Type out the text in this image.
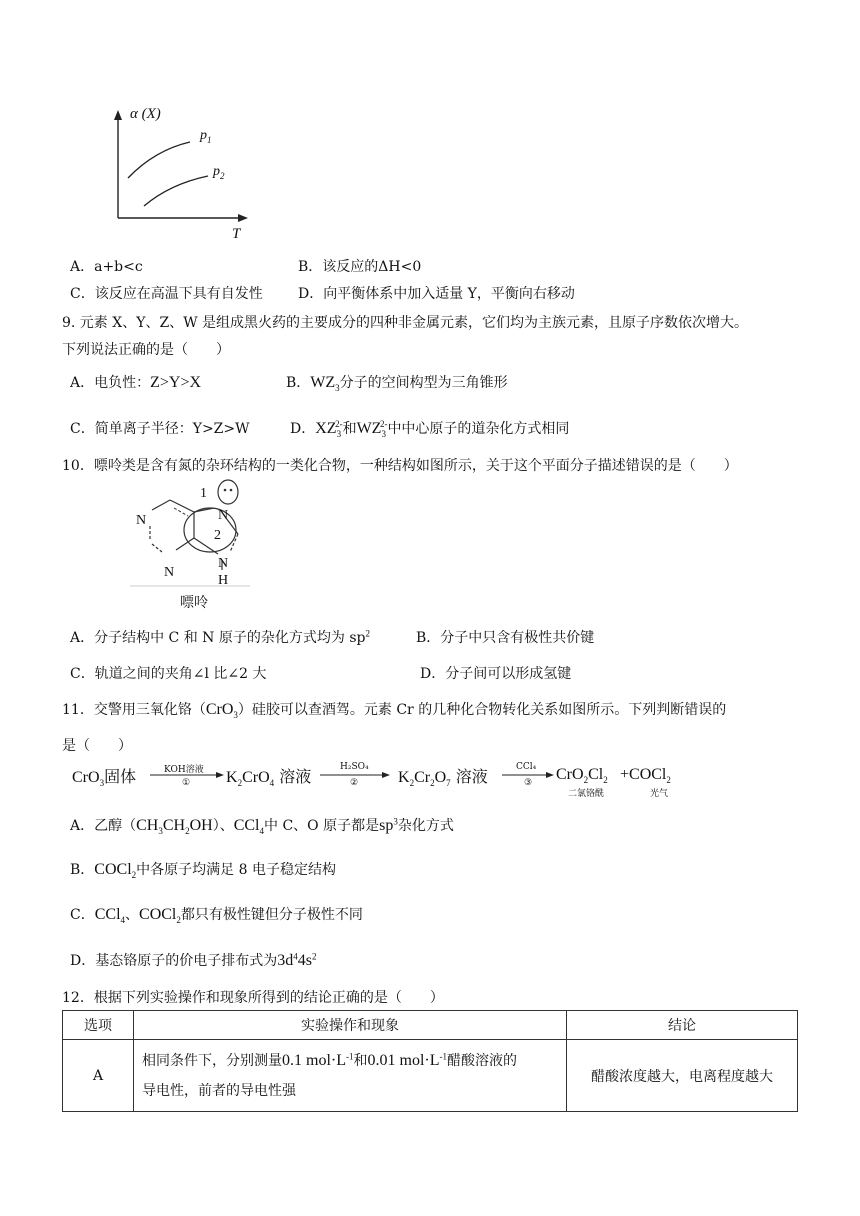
α (X)
T
$p_1$
$p_2$
A．a+b<c	B．该反应的ΔH<0
C．该反应在高温下具有自发性	D．向平衡体系中加入适量 Y，平衡向右移动
9. 元素 X、Y、Z、W 是组成黑火药的主要成分的四种非金属元素，它们均为主族元素，且原子序数依次增大。
下列说法正确的是（　　）
A．电负性：Z>Y>X	B．$WZ_3$分子的空间构型为三角锥形
C．简单离子半径：Y>Z>W	D．$XZ_3^{2-}$和$WZ_3^{2-}$中中心原子的道杂化方式相同
10．嘌呤类是含有氮的杂环结构的一类化合物，一种结构如图所示，关于这个平面分子描述错误的是（　　）
N
N
N
N
H
1
2
嘌呤
A．分子结构中 C 和 N 原子的杂化方式均为 $sp^2$	B．分子中只含有极性共价键
C．轨道之间的夹角∠l 比∠2 大	D．分子间可以形成氢键
11．交警用三氧化铬（CrO$_3$）硅胶可以查酒驾。元素 Cr 的几种化合物转化关系如图所示。下列判断错误的
是（　　）
CrO$_3$固体	KOH溶液
① $K_2CrO_4$ 溶液	H₂SO₄
② $K_2Cr_2O_7$ 溶液	CCl₄
③ $CrO_2Cl_2$
二氯铬酰
+COCl$_2$
光气
A．乙醇$(CH_3CH_2OH)$、CCl$_4$中 C、O 原子都是$sp^3$杂化方式
B．COCl$_2$中各原子均满足 8 电子稳定结构
C．CCl$_4$、COCl$_2$都只有极性键但分子极性不同
D．基态铬原子的价电子排布式为$3d^44s^2$
12．根据下列实验操作和现象所得到的结论正确的是（　　）
选项	实验操作和现象	结论
A	相同条件下，分别测量0.1 $mol\cdot L^{-1}$和0.01 $mol\cdot L^{-1}$醋酸溶液的
导电性，前者的导电性强	醋酸浓度越大，电离程度越大
